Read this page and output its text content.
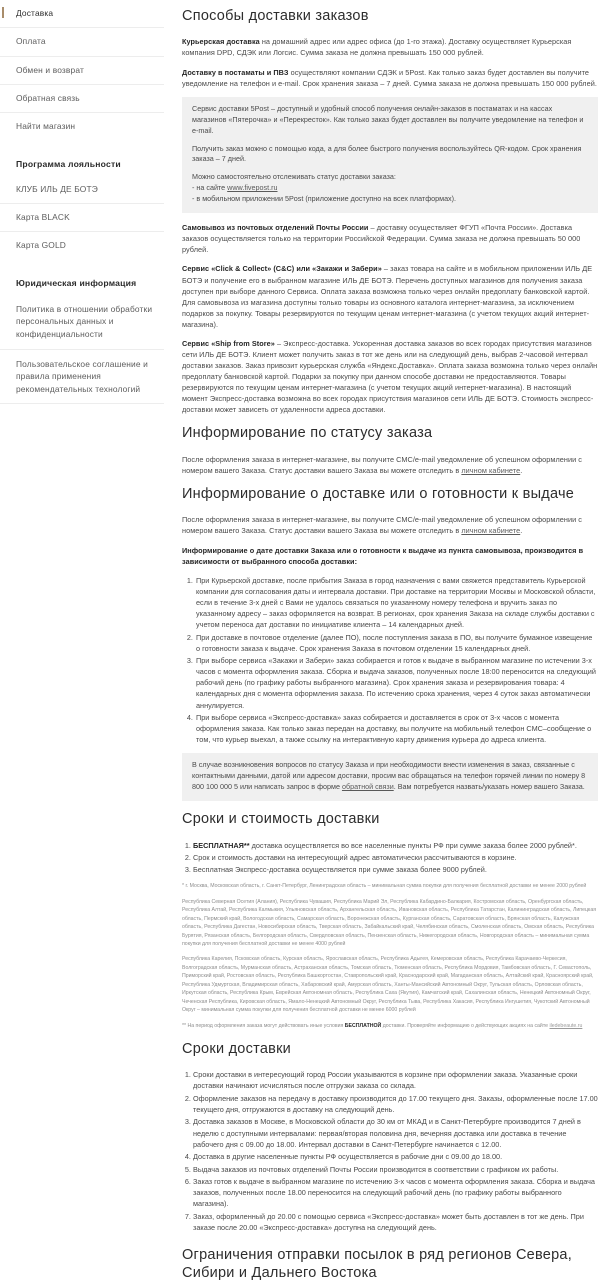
Доставка
Оплата
Обмен и возврат
Обратная связь
Найти магазин
Программа лояльности
КЛУБ ИЛЬ ДЕ БОТЭ
Карта BLACK
Карта GOLD
Юридическая информация
Политика в отношении обработки персональных данных и конфиденциальности
Пользовательское соглашение и правила применения рекомендательных технологий
Способы доставки заказов

Курьерская доставка на домашний адрес или адрес офиса (до 1-го этажа). Доставку осуществляет Курьерская компания DPD, СДЭК или Логсис. Сумма заказа не должна превышать 150 000 рублей.

Доставку в постаматы и ПВЗ осуществляют компании СДЭК и 5Post. Как только заказ будет доставлен вы получите уведомление на телефон и e-mail. Срок хранения заказа – 7 дней. Сумма заказа не должна превышать 150 000 рублей.

Сервис доставки 5Post – доступный и удобный способ получения онлайн-заказов в постаматах и на кассах магазинов «Пятерочка» и «Перекресток». Как только заказ будет доставлен вы получите уведомление на телефон и e-mail.

Получить заказ можно с помощью кода, а для более быстрого получения воспользуйтесь QR-кодом. Срок хранения заказа – 7 дней.

Можно самостоятельно отслеживать статус доставки заказа:
- на сайте www.fivepost.ru
- в мобильном приложении 5Post (приложение доступно на всех платформах).

Самовывоз из почтовых отделений Почты России – доставку осуществляет ФГУП «Почта России». Доставка заказов осуществляется только на территории Российской Федерации. Сумма заказа не должна превышать 50 000 рублей.

Сервис «Click & Collect» (C&C) или «Закажи и Забери» – заказ товара на сайте и в мобильном приложении ИЛЬ ДЕ БОТЭ и получение его в выбранном магазине ИЛЬ ДЕ БОТЭ. Перечень доступных магазинов для получения заказа доступен при выборе данного Сервиса. Оплата заказа возможна только через онлайн предоплату банковской картой. Для самовывоза из магазина доступны только товары из основного каталога интернет-магазина, за исключением подарков за покупку. Товары резервируются по текущим ценам интернет-магазина (с учетом текущих акций интернет-магазина).

Сервис «Ship from Store» – Экспресс-доставка. Ускоренная доставка заказов во всех городах присутствия магазинов сети ИЛЬ ДЕ БОТЭ. Клиент может получить заказ в тот же день или на следующий день, выбрав 2-часовой интервал доставки заказов. Заказ привозит курьерская служба «Яндекс.Доставка». Оплата заказа возможна только через онлайн предоплату банковской картой. Подарки за покупку при данном способе доставки не предоставляются. Товары резервируются по текущим ценам интернет-магазина (с учетом текущих акций интернет-магазина). В настоящий момент Экспресс-доставка возможна во всех городах присутствия магазинов сети ИЛЬ ДЕ БОТЭ. Стоимость экспресс-доставки может зависеть от удаленности адреса доставки.

Информирование по статусу заказа

После оформления заказа в интернет-магазине, вы получите СМС/e-mail уведомление об успешном оформлении с номером вашего Заказа. Статус доставки вашего Заказа вы можете отследить в личном кабинете.

Информирование о доставке или о готовности к выдаче

После оформления заказа в интернет-магазине, вы получите СМС/e-mail уведомление об успешном оформлении с номером вашего Заказа. Статус доставки вашего Заказа вы можете отследить в личном кабинете.

Информирование о дате доставки Заказа или о готовности к выдаче из пункта самовывоза, производится в зависимости от выбранного способа доставки:

1. При Курьерской доставке, после прибытия Заказа в город назначения с вами свяжется представитель Курьерской компании для согласования даты и интервала доставки. При доставке на территории Москвы и Московской области, если в течение 3-х дней с Вами не удалось связаться по указанному номеру телефона и вручить заказ по указанному адресу – заказ оформляется на возврат. В регионах, срок хранения Заказа на складе службы доставки с учетом переноса дат доставки по инициативе клиента – 14 календарных дней.
2. При доставке в почтовое отделение (далее ПО), после поступления заказа в ПО, вы получите бумажное извещение о готовности заказа к выдаче. Срок хранения Заказа в почтовом отделении 15 календарных дней.
3. При выборе сервиса «Закажи и Забери» заказ собирается и готов к выдаче в выбранном магазине по истечении 3-х часов с момента оформления заказа. Сборка и выдача заказов, полученных после 18:00 переносится на следующий рабочий день (по графику работы выбранного магазина). Срок хранения заказа и резервирования товара: 4 календарных дня с момента оформления заказа. По истечению срока хранения, через 4 суток заказ автоматически аннулируется.
4. При выборе сервиса «Экспресс-доставка» заказ собирается и доставляется в срок от 3-х часов с момента оформления заказа. Как только заказ передан на доставку, вы получите на мобильный телефон СМС–сообщение о том, что курьер выехал, а также ссылку на интерактивную карту движения курьера до адреса клиента.

В случае возникновения вопросов по статусу Заказа и при необходимости внести изменения в заказ, связанные с контактными данными, датой или адресом доставки, просим вас обращаться на телефон горячей линии по номеру 8 800 100 000 5 или написать запрос в форме обратной связи. Вам потребуется назвать/указать номер вашего Заказа.

Сроки и стоимость доставки
1. БЕСПЛАТНАЯ** доставка осуществляется во все населенные пункты РФ при сумме заказа более 2000 рублей*.
2. Срок и стоимость доставки на интересующий адрес автоматически рассчитываются в корзине.
3. Бесплатная Экспресс-доставка осуществляется при сумме заказа более 9000 рублей.
* г. Москва, Московская область, г. Санкт-Петербург, Ленинградская область – минимальная сумма покупки для получения бесплатной доставки не менее 2000 рублей
Республика Северная Осетия (Алания), Республика Чувашия, Республика Марий Эл, Республика Кабардино-Балкария, Костромская область, Оренбургская область, Республика Алтай, Республика Калмыкия, Ульяновская область, Архангельская область, Ивановская область, Республика Татарстан, Калининградская область, Липецкая область, Пермский край, Вологодская область, Самарская область, Воронежская область, Курганская область, Саратовская область, Брянская область, Калужская область, Республика Дагестан, Новосибирская область, Тверская область, Забайкальский край, Челябинская область, Смоленская область, Омская область, Республика Бурятия, Рязанская область, Белгородская область, Свердловская область, Пензенская область, Нижегородская область, Новгородская область – минимальная сумма покупки для получения бесплатной доставки не менее 4000 рублей
Республика Карелия, Псковская область, Курская область, Ярославская область, Республика Адыгея, Кемеровская область, Республика Карачаево-Черкесия, Волгоградская область, Мурманская область, Астраханская область, Томская область, Тюменская область, Республика Мордовия, Тамбовская область, Г. Севастополь, Приморский край, Ростовская область, Республика Башкортостан, Ставропольский край, Краснодарский край, Магаданская область, Алтайский край, Красноярский край, Республика Удмуртская, Владимирская область, Хабаровский край, Амурская область, Ханты-Мансийский Автономный Округ, Тульская область, Орловская область, Иркутская область, Республика Крым, Еврейская Автономная область, Республика Саха (Якутия), Камчатский край, Сахалинская область, Ненецкий Автономный Округ, Чеченская Республика, Кировская область, Ямало-Ненецкий Автономный Округ, Республика Тыва, Республика Хакасия, Республика Ингушетия, Чукотский Автономный Округ – минимальная сумма покупки для получения бесплатной доставки не менее 6000 рублей
** На период оформления заказа могут действовать иные условия БЕСПЛАТНОЙ доставки. Проверяйте информацию о действующих акциях на сайте iledebeaute.ru
Сроки доставки
1. Сроки доставки в интересующий город России указываются в корзине при оформлении заказа. Указанные сроки доставки начинают исчисляться после отгрузки заказа со склада.
2. Оформление заказов на передачу в доставку производится до 17.00 текущего дня. Заказы, оформленные после 17.00 текущего дня, отгружаются в доставку на следующий день.
3. Доставка заказов в Москве, в Московской области до 30 км от МКАД и в Санкт-Петербурге производится 7 дней в неделю с доступными интервалами: первая/вторая половина дня, вечерняя доставка или доставка в течение рабочего дня с 09.00 до 18.00. Интервал доставки в Санкт-Петербурге начинается с 12.00.
4. Доставка в другие населенные пункты РФ осуществляется в рабочие дни с 09.00 до 18.00.
5. Выдача заказов из почтовых отделений Почты России производится в соответствии с графиком их работы.
6. Заказ готов к выдаче в выбранном магазине по истечению 3-х часов с момента оформления заказа. Сборка и выдача заказов, полученных после 18.00 переносится на следующий рабочий день (по графику работы выбранного магазина).
7. Заказ, оформленный до 20.00 с помощью сервиса «Экспресс-доставка» может быть доставлен в тот же день. При заказе после 20.00 «Экспресс-доставка» доступна на следующий день.
Ограничения отправки посылок в ряд регионов Севера, Сибири и Дальнего Востока
